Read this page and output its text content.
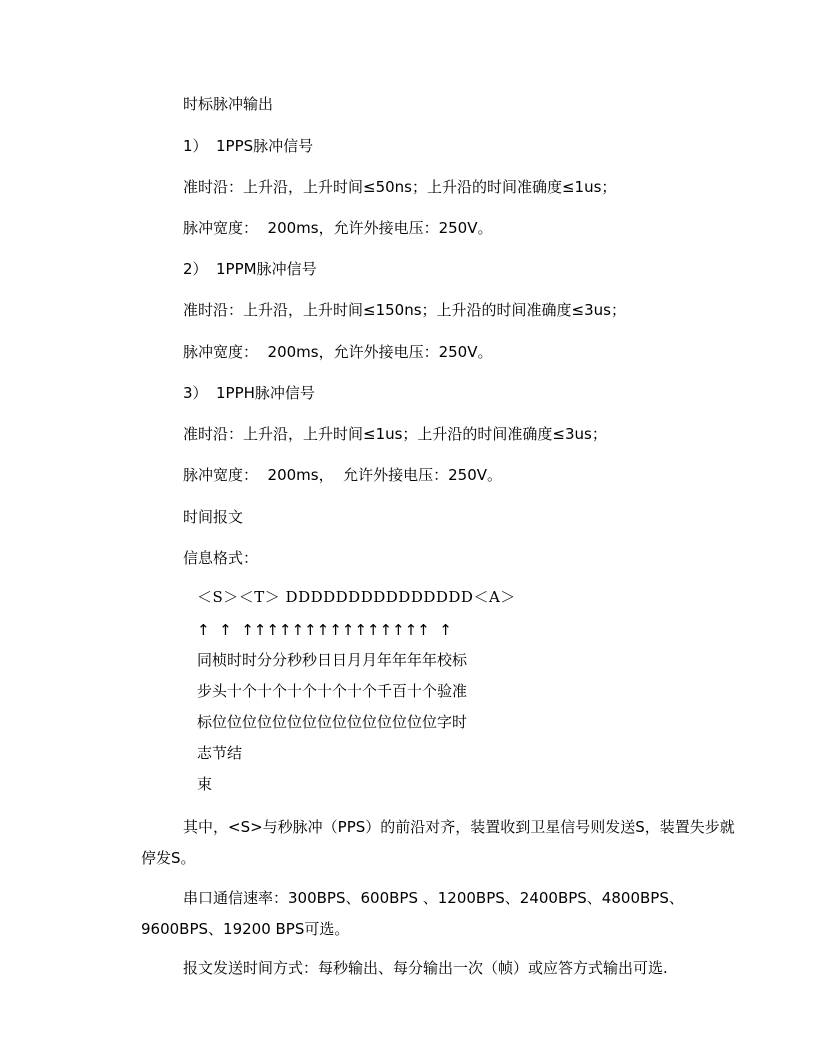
时标脉冲输出
1） 1PPS脉冲信号
准时沿：上升沿，上升时间≤50ns；上升沿的时间准确度≤1us；
脉冲宽度：  200ms，允许外接电压：250V。
2） 1PPM脉冲信号
准时沿：上升沿，上升时间≤150ns；上升沿的时间准确度≤3us；
脉冲宽度：  200ms，允许外接电压：250V。
3） 1PPH脉冲信号
准时沿：上升沿，上升时间≤1us；上升沿的时间准确度≤3us；
脉冲宽度：  200ms，  允许外接电压：250V。
时间报文
信息格式：
＜S＞＜T＞ DDDDDDDDDDDDDDD＜A＞
↑  ↑  ↑↑↑↑↑↑↑↑↑↑↑↑↑↑↑  ↑
同桢时时分分秒秒日日月月年年年年校标
步头十个十个十个十个十个千百十个验准
标位位位位位位位位位位位位位位位字时
志节结
束
其中，<S>与秒脉冲（PPS）的前沿对齐，装置收到卫星信号则发送S，装置失步就停发S。
串口通信速率：300BPS、600BPS 、1200BPS、2400BPS、4800BPS、9600BPS、19200 BPS可选。
报文发送时间方式：每秒输出、每分输出一次（帧）或应答方式输出可选.
